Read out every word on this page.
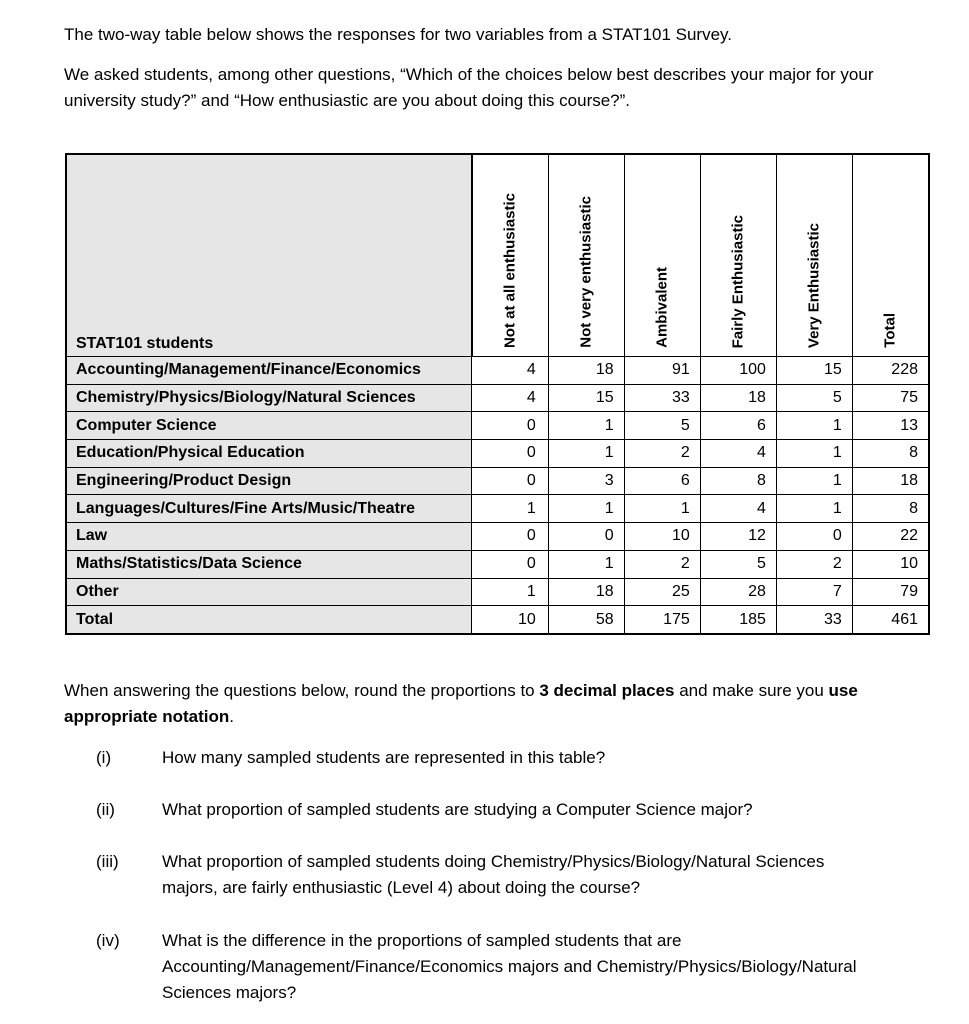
The two-way table below shows the responses for two variables from a STAT101 Survey.

We asked students, among other questions, “Which of the choices below best describes your major for your university study?” and “How enthusiastic are you about doing this course?”.

STAT101 students	Not at all enthusiastic	Not very enthusiastic	Ambivalent	Fairly Enthusiastic	Very Enthusiastic	Total

Accounting/Management/Finance/Economics	4	18	91	100	15	228
Chemistry/Physics/Biology/Natural Sciences	4	15	33	18	5	75
Computer Science	0	1	5	6	1	13
Education/Physical Education	0	1	2	4	1	8
Engineering/Product Design	0	3	6	8	1	18
Languages/Cultures/Fine Arts/Music/Theatre	1	1	1	4	1	8
Law	0	0	10	12	0	22
Maths/Statistics/Data Science	0	1	2	5	2	10
Other	1	18	25	28	7	79
Total	10	58	175	185	33	461

When answering the questions below, round the proportions to 3 decimal places and make sure you use appropriate notation.

(i)	How many sampled students are represented in this table?
(ii)	What proportion of sampled students are studying a Computer Science major?
(iii)	What proportion of sampled students doing Chemistry/Physics/Biology/Natural Sciences majors, are fairly enthusiastic (Level 4) about doing the course?
(iv) What is the difference in the proportions of sampled students that are Accounting/Management/Finance/Economics majors and Chemistry/Physics/Biology/Natural Sciences majors?
